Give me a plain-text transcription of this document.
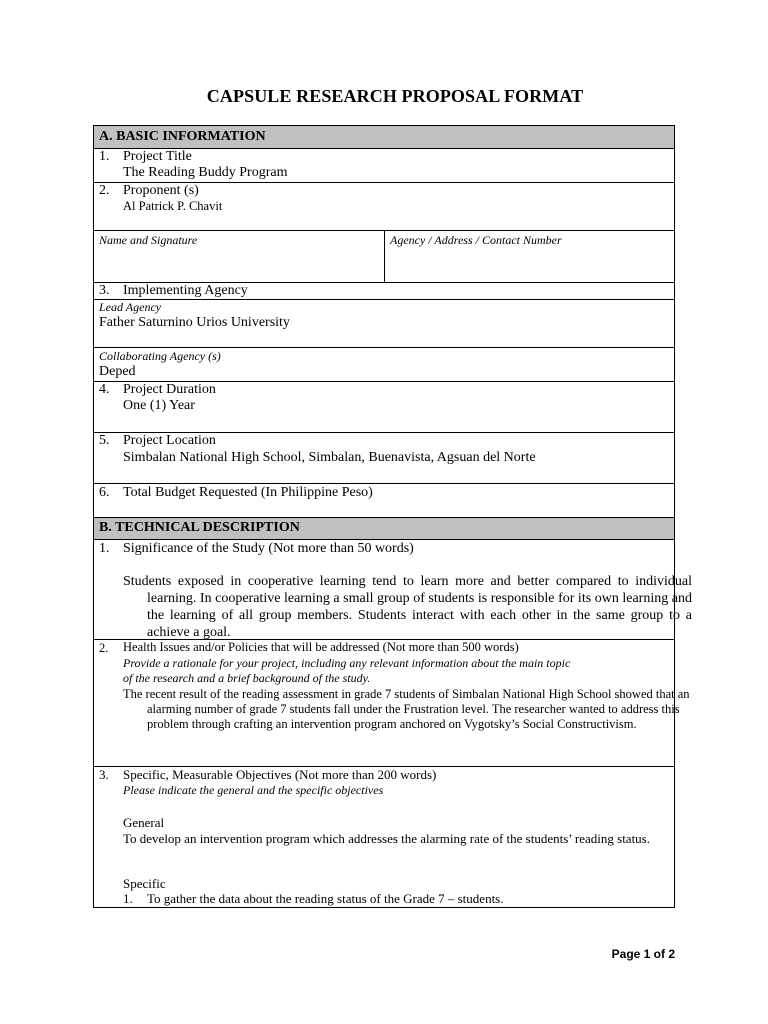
CAPSULE RESEARCH PROPOSAL FORMAT
A. BASIC INFORMATION
1. Project Title
The Reading Buddy Program
2. Proponent (s)
Al Patrick P. Chavit
Name and Signature	Agency / Address / Contact Number
3. Implementing Agency
Lead Agency
Father Saturnino Urios University
Collaborating Agency (s)
Deped
4. Project Duration
One (1) Year
5. Project Location
Simbalan National High School, Simbalan, Buenavista, Agsuan del Norte
6. Total Budget Requested (In Philippine Peso)
B. TECHNICAL DESCRIPTION
1. Significance of the Study (Not more than 50 words)
Students exposed in cooperative learning tend to learn more and better compared to individual learning. In cooperative learning a small group of students is responsible for its own learning and the learning of all group members. Students interact with each other in the same group to a achieve a goal.
2. Health Issues and/or Policies that will be addressed (Not more than 500 words)
Provide a rationale for your project, including any relevant information about the main topic
of the research and a brief background of the study.
The recent result of the reading assessment in grade 7 students of Simbalan National High School showed that an alarming number of grade 7 students fall under the Frustration level. The researcher wanted to address this problem through crafting an intervention program anchored on Vygotsky’s Social Constructivism.
3. Specific, Measurable Objectives (Not more than 200 words)
Please indicate the general and the specific objectives
General
To develop an intervention program which addresses the alarming rate of the students’ reading status.
Specific
1. To gather the data about the reading status of the Grade 7 – students.
Page 1 of 2
